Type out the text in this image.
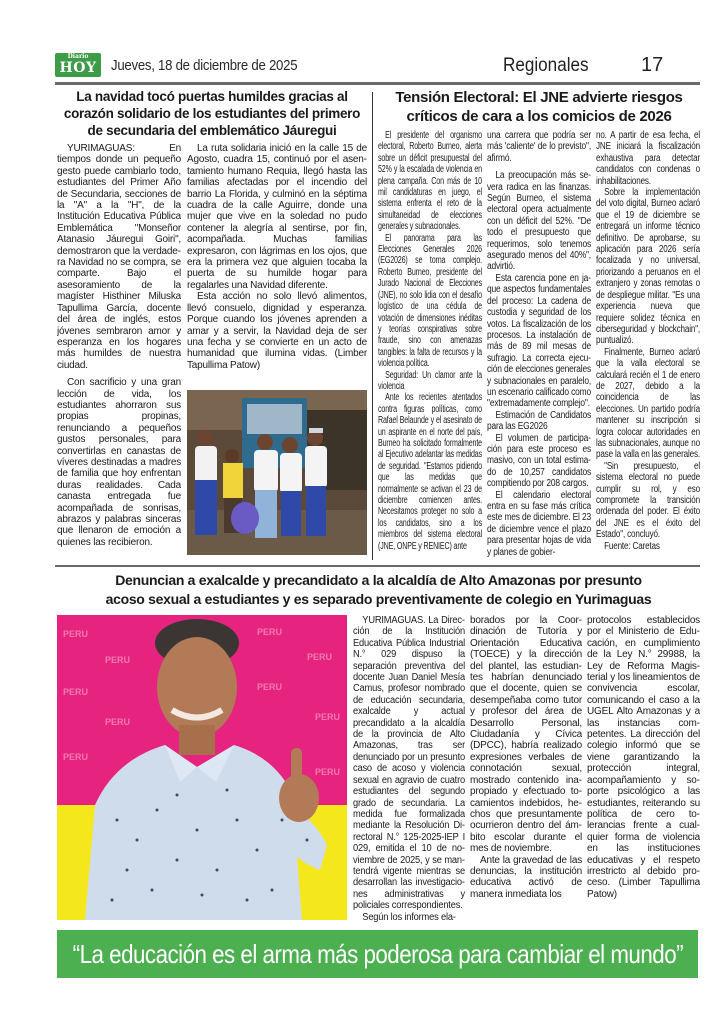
Diario
HOY Jueves, 18 de diciembre de 2025	Regionales	17
La navidad tocó puertas humildes gracias al corazón solidario de los estudiantes del primero de secundaria del emblemático Jáuregui

YURIMAGUAS: En tiempos donde un pequeño gesto puede cambiarlo todo, estudiantes del Primer Año de Secundaria, secciones de la "A" a la "H", de la Institución Educativa Pública Emblemática "Monseñor Atanasio Jáuregui Goiri", demostraron que la verdadera Navidad no se compra, se comparte. Bajo el asesoramiento de la magíster Histhiner Miluska Tapullima García, docente del área de inglés, estos jóvenes sembraron amor y esperanza en los hogares más humildes de nuestra ciudad.

Con sacrificio y una gran lección de vida, los estudiantes ahorraron sus propias propinas, renunciando a pequeños gustos personales, para convertirlas en canastas de víveres destinadas a madres de familia que hoy enfrentan duras realidades. Cada canasta entregada fue acompañada de sonrisas, abrazos y palabras sinceras que llenaron de emoción a quienes las recibieron.

La ruta solidaria inició en la calle 15 de Agosto, cuadra 15, continuó por el asentamiento humano Requia, llegó hasta las familias afectadas por el incendio del barrio La Florida, y culminó en la séptima cuadra de la calle Aguirre, donde una mujer que vive en la soledad no pudo contener la alegría al sentirse, por fin, acompañada. Muchas familias expresaron, con lágrimas en los ojos, que era la primera vez que alguien tocaba la puerta de su humilde hogar para regalarles una Navidad diferente.

Esta acción no solo llevó alimentos, llevó consuelo, dignidad y esperanza. Porque cuando los jóvenes aprenden a amar y a servir, la Navidad deja de ser una fecha y se convierte en un acto de humanidad que ilumina vidas. (Limber Tapullima Patow)

Tensión Electoral: El JNE advierte riesgos críticos de cara a los comicios de 2026

El presidente del organismo electoral, Roberto Burneo, alerta sobre un déficit presupuestal del 52% y la escalada de violencia en plena campaña. Con más de 10 mil candidaturas en juego, el sistema enfrenta el reto de la simultaneidad de elecciones generales y subnacionales.

El panorama para las Elecciones Generales 2026 (EG2026) se torna complejo. Roberto Burneo, presidente del Jurado Nacional de Elecciones (JNE), no solo lidia con el desafío logístico de una cédula de votación de dimensiones inéditas y teorías conspirativas sobre fraude, sino con amenazas tangibles: la falta de recursos y la violencia política.

Seguridad: Un clamor ante la violencia

Ante los recientes atentados contra figuras políticas, como Rafael Belaunde y el asesinato de un aspirante en el norte del país, Burneo ha solicitado formalmente al Ejecutivo adelantar las medidas de seguridad. "Estamos pidiendo que las medidas que normalmente se activan el 23 de diciembre comiencen antes. Necesitamos proteger no solo a los candidatos, sino a los miembros del sistema electoral (JNE, ONPE y RENIEC) ante

una carrera que podría ser más 'caliente' de lo previsto", afirmó.

La preocupación más severa radica en las finanzas. Según Burneo, el sistema electoral opera actualmente con un déficit del 52%. "De todo el presupuesto que requerimos, solo tenemos asegurado menos del 40%", advirtió.

Esta carencia pone en jaque aspectos fundamentales del proceso: La cadena de custodia y seguridad de los votos. La fiscalización de los procesos. La instalación de más de 89 mil mesas de sufragio. La correcta ejecución de elecciones generales y subnacionales en paralelo, un escenario calificado como "extremadamente complejo".

Estimación de Candidatos para las EG2026

El volumen de participación para este proceso es masivo, con un total estimado de 10,257 candidatos compitiendo por 208 cargos.

El calendario electoral entra en su fase más crítica este mes de diciembre. El 23 de diciembre vence el plazo para presentar hojas de vida y planes de gobier-

no. A partir de esa fecha, el JNE iniciará la fiscalización exhaustiva para detectar candidatos con condenas o inhabilitaciones.

Sobre la implementación del voto digital, Burneo aclaró que el 19 de diciembre se entregará un informe técnico definitivo. De aprobarse, su aplicación para 2026 sería focalizada y no universal, priorizando a peruanos en el extranjero y zonas remotas o de despliegue militar. "Es una experiencia nueva que requiere solidez técnica en ciberseguridad y blockchain", puntualizó.

Finalmente, Burneo aclaró que la valla electoral se calculará recién el 1 de enero de 2027, debido a la coincidencia de las elecciones. Un partido podría mantener su inscripción si logra colocar autoridades en las subnacionales, aunque no pase la valla en las generales.

"Sin presupuesto, el sistema electoral no puede cumplir su rol, y eso compromete la transición ordenada del poder. El éxito del JNE es el éxito del Estado", concluyó.

Fuente: Caretas

Denuncian a exalcalde y precandidato a la alcaldía de Alto Amazonas por presunto
acoso sexual a estudiantes y es separado preventivamente de colegio en Yurimaguas
PERU
PERU
PERU
PERU
PERU
PERU
PERU
PERU
PERU
PERU

YURIMAGUAS. La Dirección de la Institución Educativa Pública Industrial N.° 029 dispuso la separación preventiva del docente Juan Daniel Mesía Camus, profesor nombrado de educación secundaria, exalcalde y actual precandidato a la alcaldía de la provincia de Alto Amazonas, tras ser denunciado por un presunto caso de acoso y violencia sexual en agravio de cuatro estudiantes del segundo grado de secundaria. La medida fue formalizada mediante la Resolución Directoral N.° 125-2025-IEP I 029, emitida el 10 de noviembre de 2025, y se mantendrá vigente mientras se desarrollan las investigaciones administrativas y policiales correspondientes.

Según los informes ela-

borados por la Coordinación de Tutoría y Orientación Educativa (TOECE) y la dirección del plantel, las estudiantes habrían denunciado que el docente, quien se desempeñaba como tutor y profesor del área de Desarrollo Personal, Ciudadanía y Cívica (DPCC), habría realizado expresiones verbales de connotación sexual, mostrado contenido inapropiado y efectuado tocamientos indebidos, hechos que presuntamente ocurrieron dentro del ámbito escolar durante el mes de noviembre.

Ante la gravedad de las denuncias, la institución educativa activó de manera inmediata los

protocolos establecidos por el Ministerio de Educación, en cumplimiento de la Ley N.° 29988, la Ley de Reforma Magisterial y los lineamientos de convivencia escolar, comunicando el caso a la UGEL Alto Amazonas y a las instancias competentes. La dirección del colegio informó que se viene garantizando la protección integral, acompañamiento y soporte psicológico a las estudiantes, reiterando su política de cero tolerancias frente a cualquier forma de violencia en las instituciones educativas y el respeto irrestricto al debido proceso. (Limber Tapullima Patow)

“La educación es el arma más poderosa para cambiar el mundo”
